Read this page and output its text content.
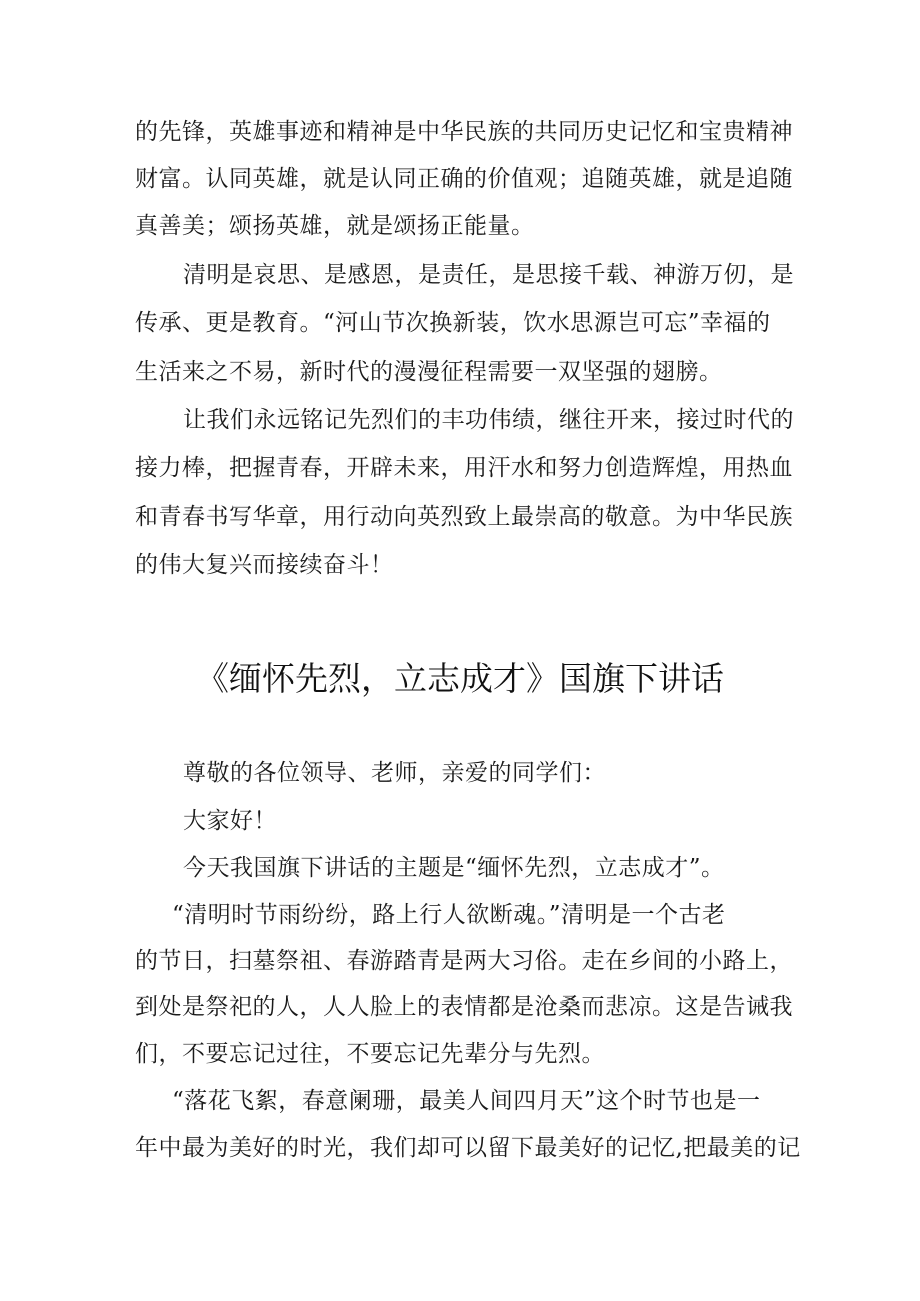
的先锋，英雄事迹和精神是中华民族的共同历史记忆和宝贵精神
财富。认同英雄，就是认同正确的价值观；追随英雄，就是追随
真善美；颂扬英雄，就是颂扬正能量。
清明是哀思、是感恩，是责任，是思接千载、神游万仞，是
传承、更是教育。“河山节次换新装，饮水思源岂可忘”幸福的
生活来之不易，新时代的漫漫征程需要一双坚强的翅膀。
让我们永远铭记先烈们的丰功伟绩，继往开来，接过时代的
接力棒，把握青春，开辟未来，用汗水和努力创造辉煌，用热血
和青春书写华章，用行动向英烈致上最崇高的敬意。为中华民族
的伟大复兴而接续奋斗！
《缅怀先烈，立志成才》国旗下讲话
尊敬的各位领导、老师，亲爱的同学们：
大家好！
今天我国旗下讲话的主题是“缅怀先烈，立志成才”。
“清明时节雨纷纷，路上行人欲断魂。”清明是一个古老
的节日，扫墓祭祖、春游踏青是两大习俗。走在乡间的小路上，
到处是祭祀的人，人人脸上的表情都是沧桑而悲凉。这是告诫我
们，不要忘记过往，不要忘记先辈分与先烈。
“落花飞絮，春意阑珊，最美人间四月天”这个时节也是一
年中最为美好的时光，我们却可以留下最美好的记忆,把最美的记
